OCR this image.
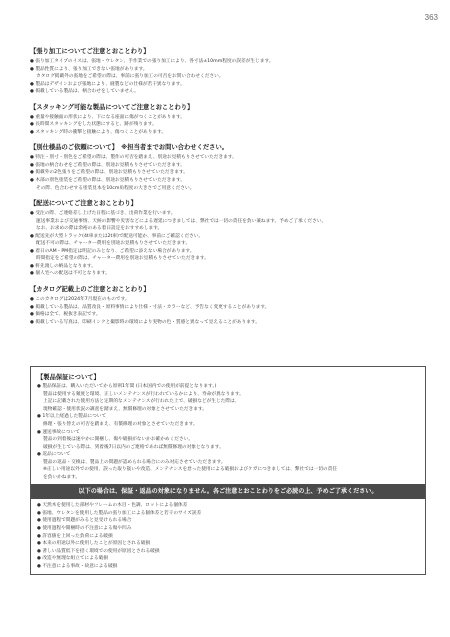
363
【張り加工についてご注意とおことわり】
● 張り加工タイプのイスは、張地・ウレタン、手作業での張り加工により、各寸法±10mm程度の誤差が生じます。
● 製品性質により、張り加工できない張地があります。
カタログ掲載外の張地をご希望の際は、事前に張り加工の可否をお問い合わせください。
● 製品はデザインおよび張地により、縫製などの仕様が若干異なります。
● 掲載している製品は、柄合わせをしていません。
【スタッキング可能な製品についてご注意とおことわり】
● 重量や接触面の形状により、下になる座面に傷がつくことがあります。
● 長時間スタッキングをした状態にすると、跡が残ります。
● スタッキング時の衝撃と接触により、傷つくことがあります。
【別仕様品のご依頼について】　※担当者までお問い合わせください。
● 特注・別寸・別色をご希望の際は、製作の可否を踏まえ、別途お見積もりさせていただきます。
● 張地の柄合わせをご希望の際は、別途お見積もりさせていただきます。
● 掲載外の2色張りをご希望の際は、別途お見積もりさせていただきます。
● 木部の別色塗装をご希望の際は、別途お見積もりさせていただきます。
その際、色合わせする塗装見本を10cm角程度の大きさでご用意ください。
【配送についてご注意とおことわり】
● 受注の際、ご連絡差し上げた日程に基づき、出荷作業を行います。
運送事業および交通事情、天候の影響や災害などによる遅延につきましては、弊社では一切の責任を負い兼ねます。予めご了承ください。
なお、お求めの際は余裕のある着日設定をおすすめします。
● 配送先が大型トラック(4t車または2t車)で配送可能か、事前にご確認ください。
配送不可の際は、チャーター費用を別途お見積もりさせていただきます。
● 着日のAM・PM指定は明記のみとなり、ご希望に添えない場合があります。
時間指定をご希望の際は、チャーター費用を別途お見積もりさせていただきます。
● 軒先渡しの納品となります。
● 個人宅への配送は不可となります。
【カタログ記載上のご注意とおことわり】
● このカタログは2024年7月現在のものです。
● 掲載している製品は、品質改良・原料事情により仕様・寸法・カラーなど、予告なく変更することがあります。
● 価格は全て、税抜き表記です。
● 掲載している写真は、印刷インクと撮影時の環境により実物の色・質感と異なって見えることがあります。
【製品保証について】
● 製品保証は、購入いただいてから原則1年間 (日本国内での使用が前提となります。)
製品は使用する頻度と環境、正しいメンテナンスが行われているかにより、寿命が異なります。
上記に記載された使用方法と定期的なメンテナンスが行われた上で、破損などが生じた際は、
現物確認・使用状況の調査を踏まえ、無償修理の対象とさせていただきます。
● 1年以上経過した製品について
修理・張り替えの可否を踏まえ、有償修理の対象とさせていただきます。
● 運送事故について
製品の到着後は速やかに開梱し、傷や破損がないかお確かめください。
破損が生じている際は、到着後7日以内のご連絡であれば無償修理の対象となります。
● 返品について
製品の返品・交換は、製品上の問題が認められる場合にのみ対応させていただきます。
※正しい用途以外での使用、誤った取り扱いや改造、メンテナンスを怠った使用による破損およびケガにつきましては、弊社では一切の責任
を負いかねます。
以下の場合は、保証・返品の対象になりません。各ご注意とおことわりをご必読の上、予めご了承ください。
● 天然木を使用した部材やフレームの木目・色調、ロットによる個体差
● 張地、ウレタンを使用した製品の張り加工による個体差と若干のサイズ誤差
● 使用過程で問題がみると見受けられる場合
● 使用過程や開梱時の不注意による傷や凹み
● 許容値を上回った負荷による破損
● 本来の用途以外に使用したことが原因とされる破損
● 著しい品質低下を招く環境での使用が原因とされる破損
● 改造や無理な組立てによる破損
● 不注意による事故・故意による破損
